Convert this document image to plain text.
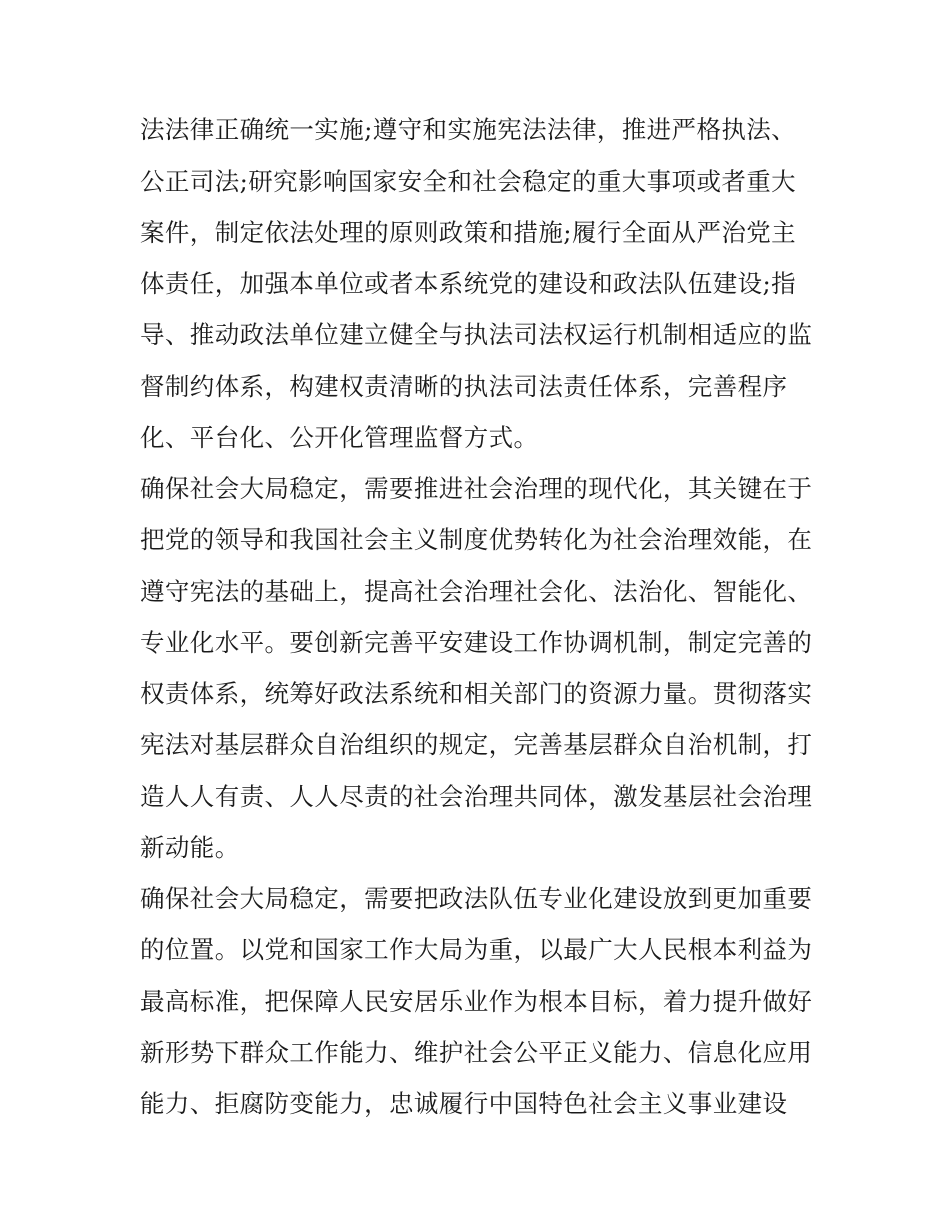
法法律正确统一实施;遵守和实施宪法法律，推进严格执法、
公正司法;研究影响国家安全和社会稳定的重大事项或者重大
案件，制定依法处理的原则政策和措施;履行全面从严治党主
体责任，加强本单位或者本系统党的建设和政法队伍建设;指
导、推动政法单位建立健全与执法司法权运行机制相适应的监
督制约体系，构建权责清晰的执法司法责任体系，完善程序
化、平台化、公开化管理监督方式。
确保社会大局稳定，需要推进社会治理的现代化，其关键在于
把党的领导和我国社会主义制度优势转化为社会治理效能，在
遵守宪法的基础上，提高社会治理社会化、法治化、智能化、
专业化水平。要创新完善平安建设工作协调机制，制定完善的
权责体系，统筹好政法系统和相关部门的资源力量。贯彻落实
宪法对基层群众自治组织的规定，完善基层群众自治机制，打
造人人有责、人人尽责的社会治理共同体，激发基层社会治理
新动能。
确保社会大局稳定，需要把政法队伍专业化建设放到更加重要
的位置。以党和国家工作大局为重，以最广大人民根本利益为
最高标准，把保障人民安居乐业作为根本目标，着力提升做好
新形势下群众工作能力、维护社会公平正义能力、信息化应用
能力、拒腐防变能力，忠诚履行中国特色社会主义事业建设
